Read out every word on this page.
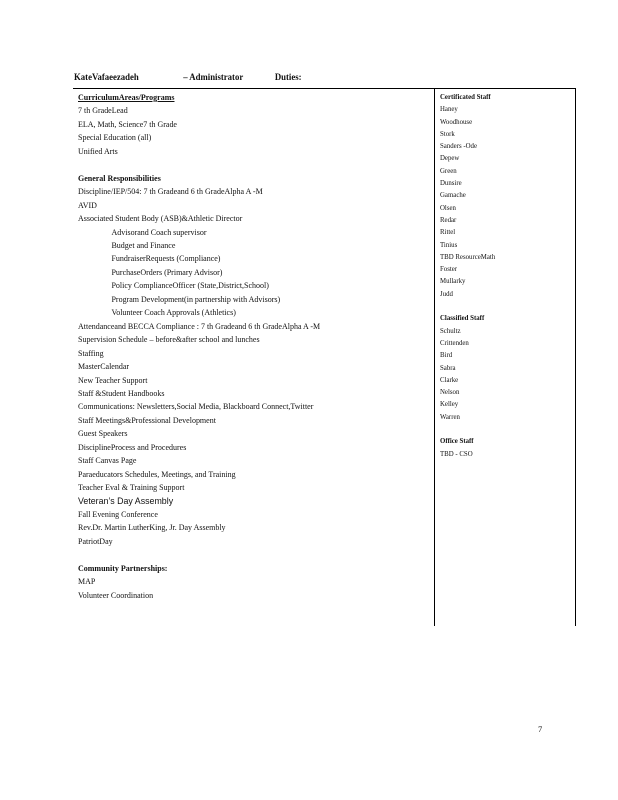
KateVafaeezadeh	– Administrator	Duties:
CurriculumAreas/Programs
7 th GradeLead
ELA, Math, Science7 th Grade
Special Education (all)
Unified Arts
General Responsibilities
Discipline/IEP/504: 7 th Gradeand 6 th GradeAlpha A -M
AVID
Associated Student Body (ASB)&Athletic Director
Advisorand Coach supervisor
Budget and Finance
FundraiserRequests (Compliance)
PurchaseOrders (Primary Advisor)
Policy ComplianceOfficer (State,District,School)
Program Development(in partnership with Advisors)
Volunteer Coach Approvals (Athletics)
Attendanceand BECCA Compliance : 7 th Gradeand 6 th GradeAlpha A -M
Supervision Schedule – before&after school and lunches
Staffing
MasterCalendar
New Teacher Support
Staff &Student Handbooks
Communications: Newsletters,Social Media, Blackboard Connect,Twitter
Staff Meetings&Professional Development
Guest Speakers
DisciplineProcess and Procedures
Staff Canvas Page
Paraeducators Schedules, Meetings, and Training
Teacher Eval & Training Support
Veteran’s Day Assembly
Fall Evening Conference
Rev.Dr. Martin LutherKing, Jr. Day Assembly
PatriotDay
Community Partnerships:
MAP
Volunteer Coordination
Certificated Staff
Haney
Woodhouse
Stork
Sanders -Ode
Depew
Green
Dunsire
Gamache
Olsen
Redar
Rittel
Tinius
TBD ResourceMath
Foster
Mullarky
Judd
Classified Staff
Schultz
Crittenden
Bird
Sabra
Clarke
Nelson
Kelley
Warren
Office Staff
TBD - CSO
7
